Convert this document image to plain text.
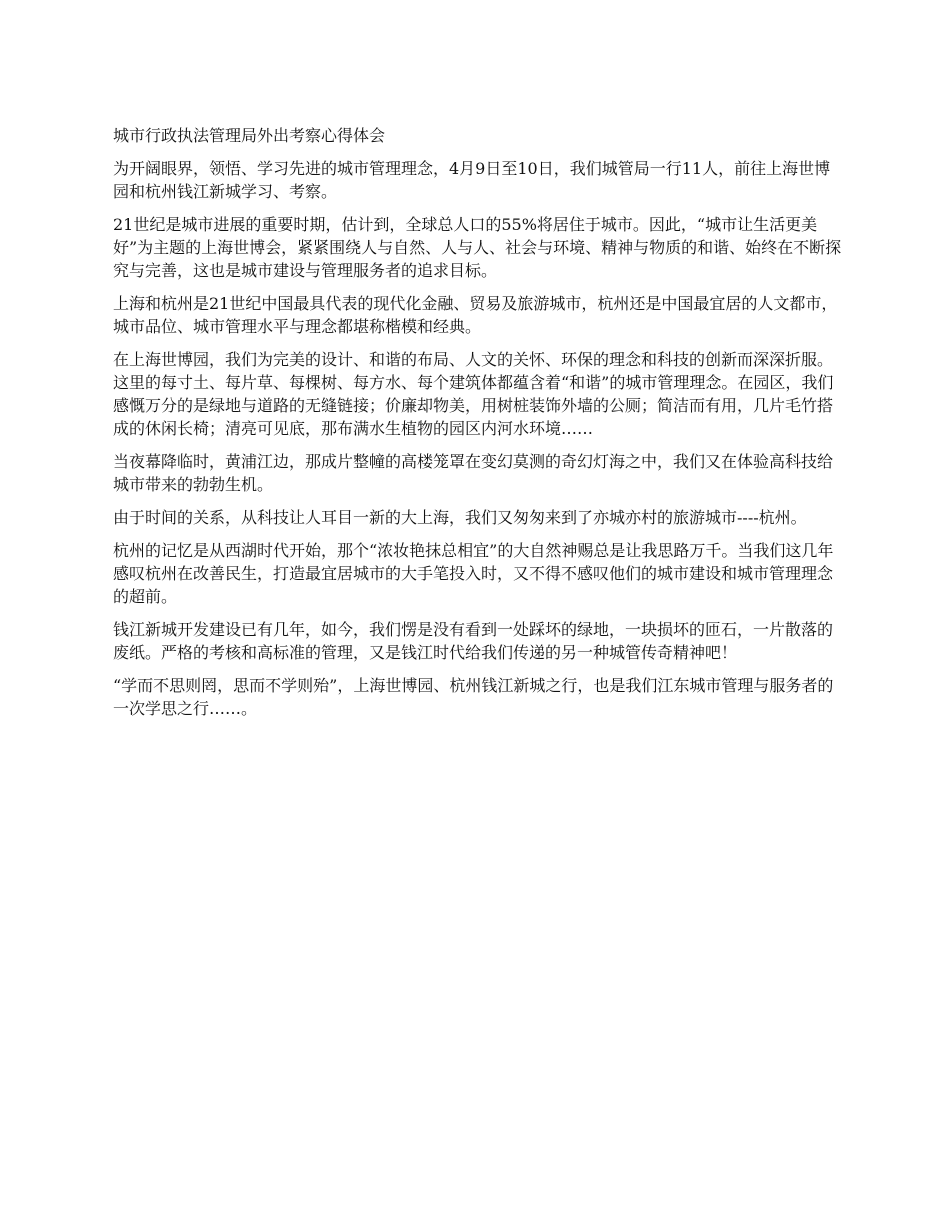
城市行政执法管理局外出考察心得体会

为开阔眼界，领悟、学习先进的城市管理理念，4月9日至10日，我们城管局一行11人，前往上海世博园和杭州钱江新城学习、考察。

21世纪是城市进展的重要时期，估计到，全球总人口的55%将居住于城市。因此，“城市让生活更美好”为主题的上海世博会，紧紧围绕人与自然、人与人、社会与环境、精神与物质的和谐、始终在不断探究与完善，这也是城市建设与管理服务者的追求目标。

上海和杭州是21世纪中国最具代表的现代化金融、贸易及旅游城市，杭州还是中国最宜居的人文都市，城市品位、城市管理水平与理念都堪称楷模和经典。

在上海世博园，我们为完美的设计、和谐的布局、人文的关怀、环保的理念和科技的创新而深深折服。这里的每寸土、每片草、每棵树、每方水、每个建筑体都蕴含着“和谐”的城市管理理念。在园区，我们感慨万分的是绿地与道路的无缝链接；价廉却物美，用树桩装饰外墙的公厕；简洁而有用，几片毛竹搭成的休闲长椅；清亮可见底，那布满水生植物的园区内河水环境……

当夜幕降临时，黄浦江边，那成片整幢的高楼笼罩在变幻莫测的奇幻灯海之中，我们又在体验高科技给城市带来的勃勃生机。

由于时间的关系，从科技让人耳目一新的大上海，我们又匆匆来到了亦城亦村的旅游城市----杭州。

杭州的记忆是从西湖时代开始，那个“浓妆艳抹总相宜”的大自然神赐总是让我思路万千。当我们这几年感叹杭州在改善民生，打造最宜居城市的大手笔投入时，又不得不感叹他们的城市建设和城市管理理念的超前。

钱江新城开发建设已有几年，如今，我们愣是没有看到一处踩坏的绿地，一块损坏的匝石，一片散落的废纸。严格的考核和高标准的管理，又是钱江时代给我们传递的另一种城管传奇精神吧！

“学而不思则罔，思而不学则殆”，上海世博园、杭州钱江新城之行，也是我们江东城市管理与服务者的一次学思之行……。
